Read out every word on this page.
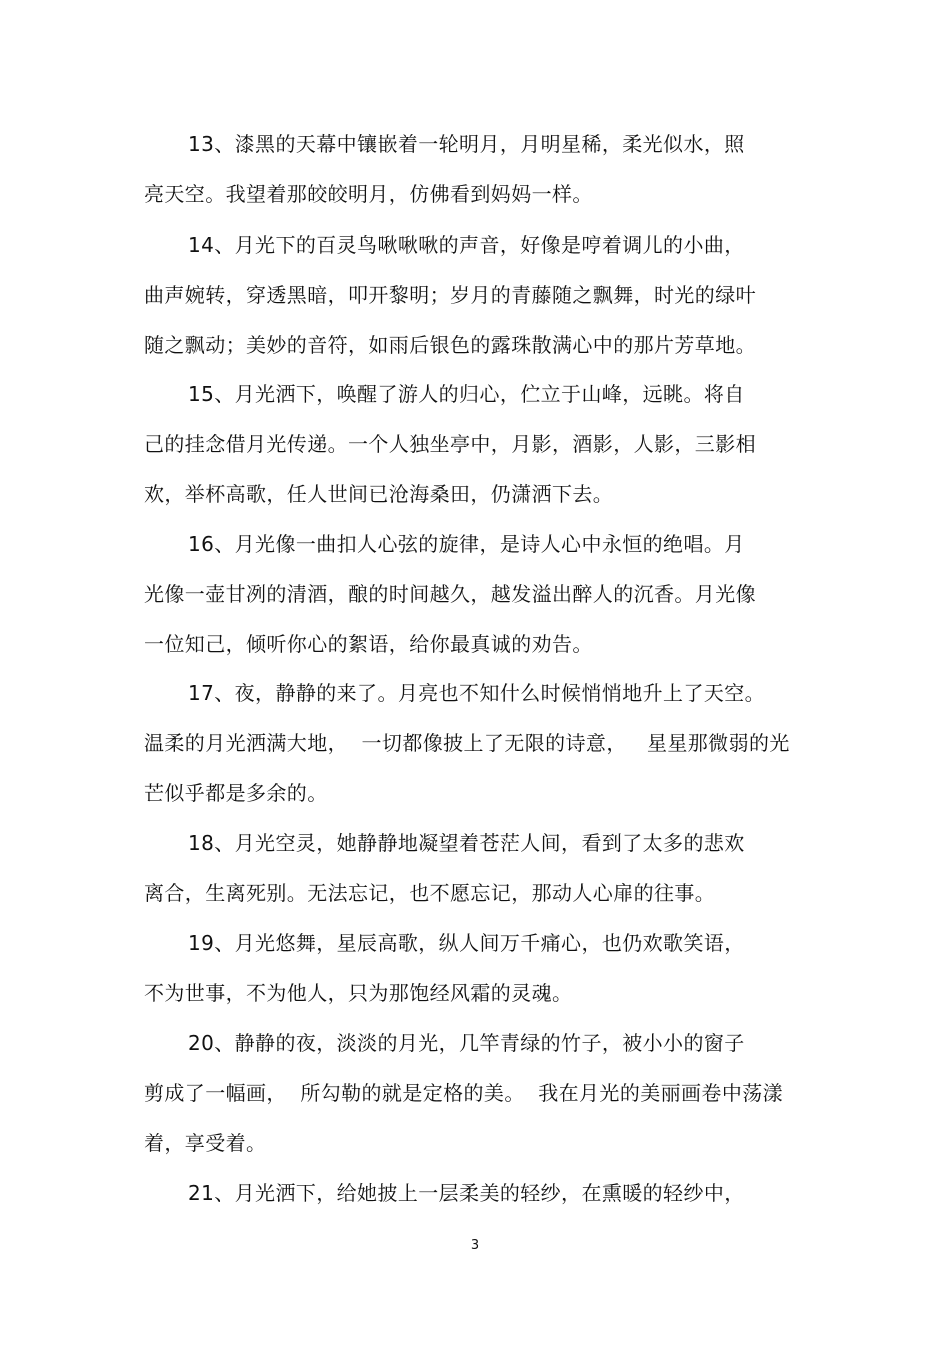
13、漆黑的天幕中镶嵌着一轮明月，月明星稀，柔光似水，照
亮天空。我望着那皎皎明月，仿佛看到妈妈一样。
14、月光下的百灵鸟啾啾啾的声音，好像是哼着调儿的小曲，
曲声婉转，穿透黑暗，叩开黎明；岁月的青藤随之飘舞，时光的绿叶
随之飘动；美妙的音符，如雨后银色的露珠散满心中的那片芳草地。
15、月光洒下，唤醒了游人的归心，伫立于山峰，远眺。将自
己的挂念借月光传递。一个人独坐亭中，月影，酒影，人影，三影相
欢，举杯高歌，任人世间已沧海桑田，仍潇洒下去。
16、月光像一曲扣人心弦的旋律，是诗人心中永恒的绝唱。月
光像一壶甘冽的清酒，酿的时间越久，越发溢出醉人的沉香。月光像
一位知己，倾听你心的絮语，给你最真诚的劝告。
17、夜，静静的来了。月亮也不知什么时候悄悄地升上了天空。
温柔的月光洒满大地，  一切都像披上了无限的诗意，   星星那微弱的光
芒似乎都是多余的。
18、月光空灵，她静静地凝望着苍茫人间，看到了太多的悲欢
离合，生离死别。无法忘记，也不愿忘记，那动人心扉的往事。
19、月光悠舞，星辰高歌，纵人间万千痛心，也仍欢歌笑语，
不为世事，不为他人，只为那饱经风霜的灵魂。
20、静静的夜，淡淡的月光，几竿青绿的竹子，被小小的窗子
剪成了一幅画，  所勾勒的就是定格的美。  我在月光的美丽画卷中荡漾
着，享受着。
21、月光洒下，给她披上一层柔美的轻纱，在熏暖的轻纱中，
3
